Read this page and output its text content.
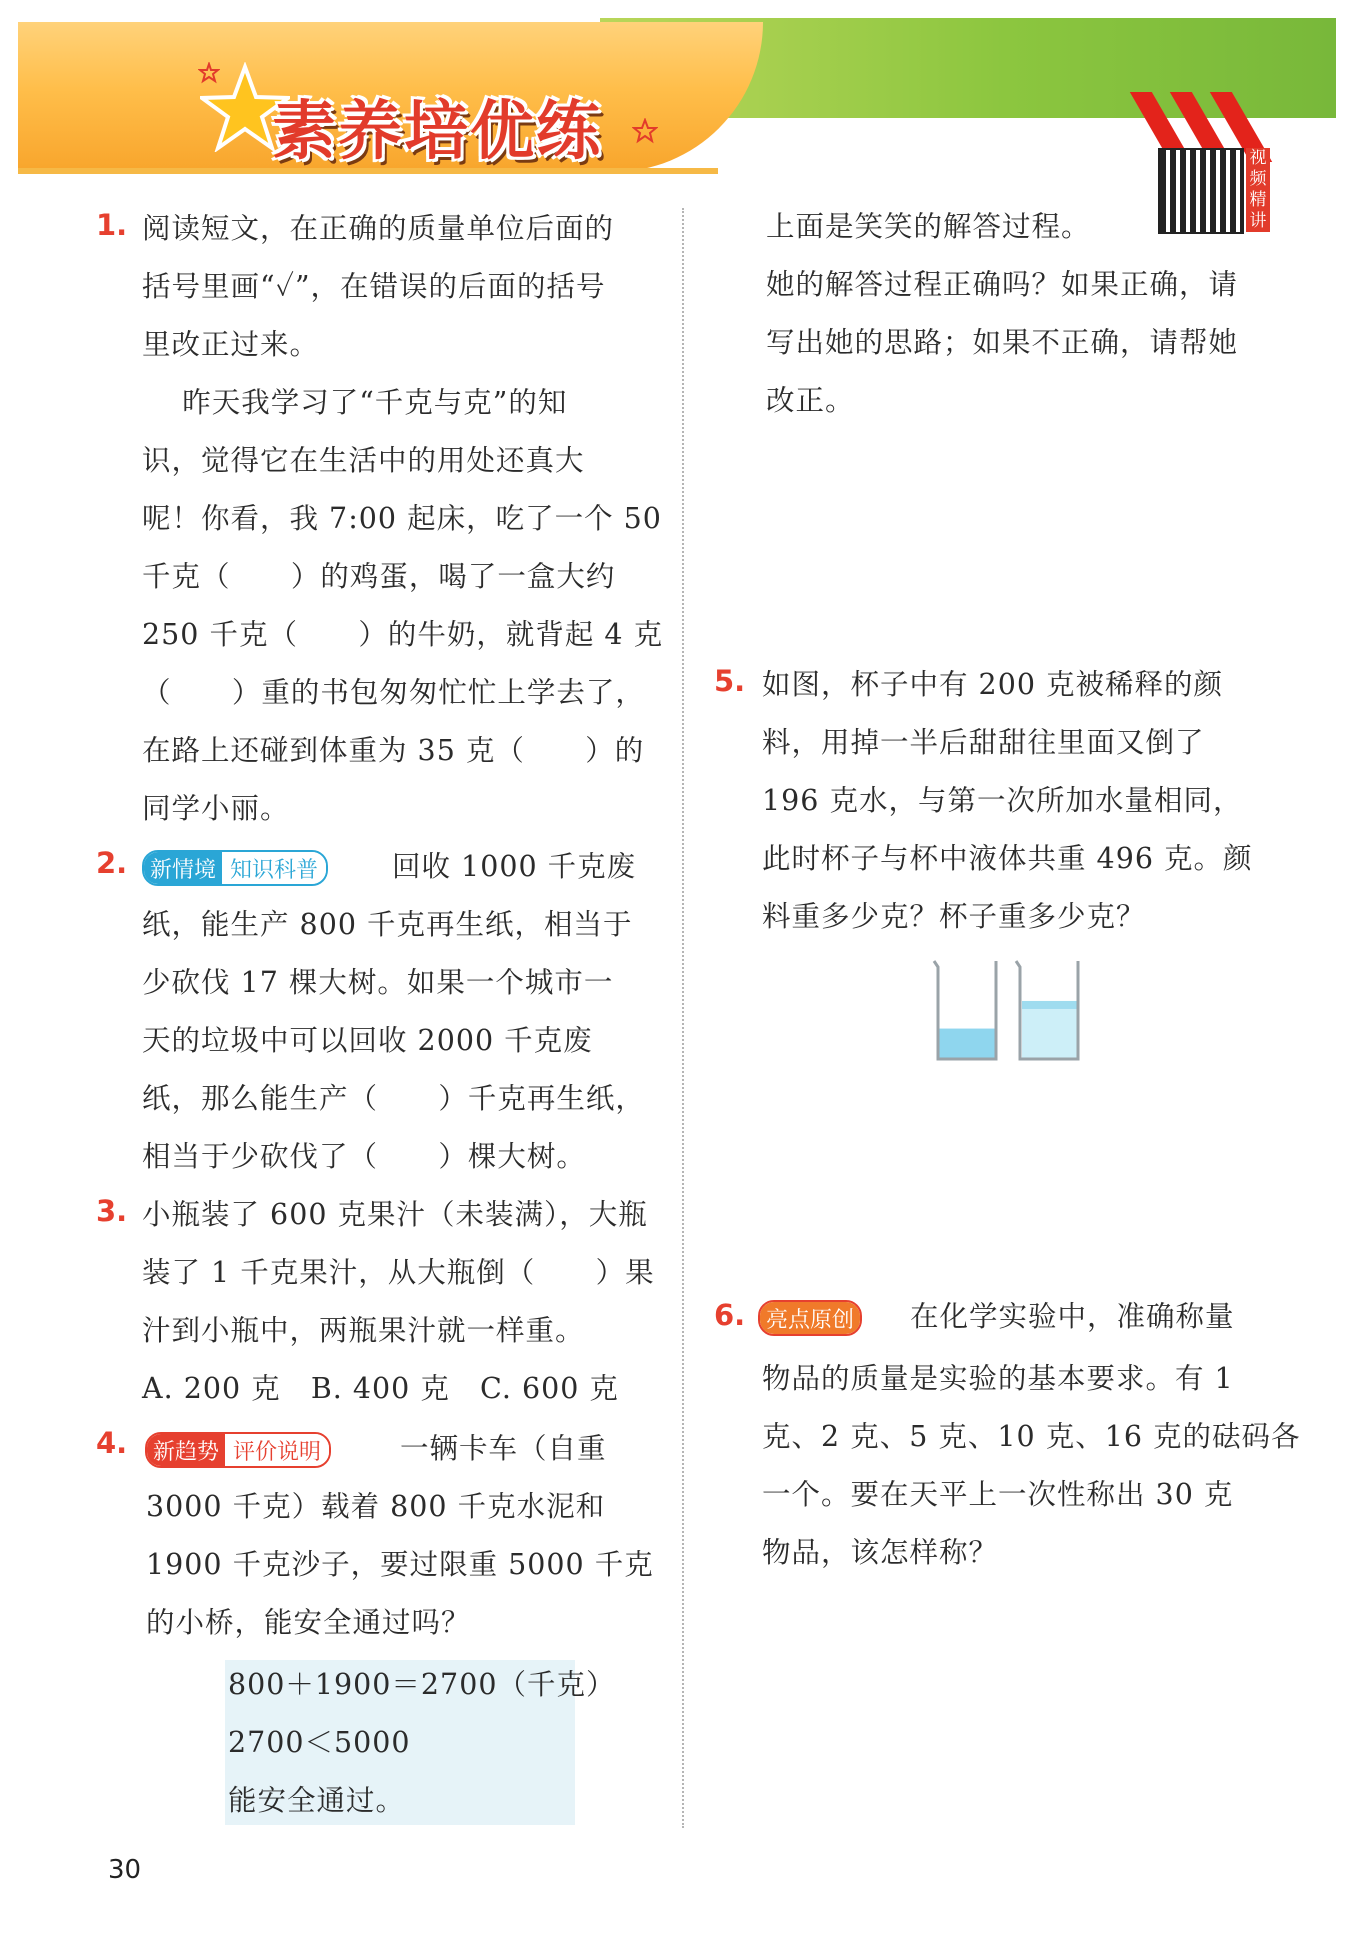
素养培优练	视频精讲
1. 阅读短文，在正确的质量单位后面的
括号里画“✓”，在错误的后面的括号
里改正过来。
昨天我学习了“千克与克”的知
识，觉得它在生活中的用处还真大
呢！你看，我 7:00 起床，吃了一个 50
千克（      ）的鸡蛋，喝了一盒大约
250 千克（      ）的牛奶，就背起 4 克
（      ）重的书包匆匆忙忙上学去了，
在路上还碰到体重为 35 克（      ）的
同学小丽。
2. 新情境 知识科普	回收 1000 千克废
纸，能生产 800 千克再生纸，相当于
少砍伐 17 棵大树。如果一个城市一
天的垃圾中可以回收 2000 千克废
纸，那么能生产（      ）千克再生纸，
相当于少砍伐了（      ）棵大树。
3. 小瓶装了 600 克果汁（未装满），大瓶
装了 1 千克果汁，从大瓶倒（      ）果
汁到小瓶中，两瓶果汁就一样重。
A. 200 克   B. 400 克   C. 600 克
4. 新趋势 评价说明	一辆卡车（自重
3000 千克）载着 800 千克水泥和
1900 千克沙子，要过限重 5000 千克
的小桥，能安全通过吗？
800＋1900＝2700（千克）
2700＜5000
能安全通过。
上面是笑笑的解答过程。
她的解答过程正确吗？如果正确，请
写出她的思路；如果不正确，请帮她
改正。
5. 如图，杯子中有 200 克被稀释的颜
料，用掉一半后甜甜往里面又倒了
196 克水，与第一次所加水量相同，
此时杯子与杯中液体共重 496 克。颜
料重多少克？杯子重多少克？
6. 亮点原创 在化学实验中，准确称量
物品的质量是实验的基本要求。有 1
克、2 克、5 克、10 克、16 克的砝码各
一个。要在天平上一次性称出 30 克
物品，该怎样称？
30
